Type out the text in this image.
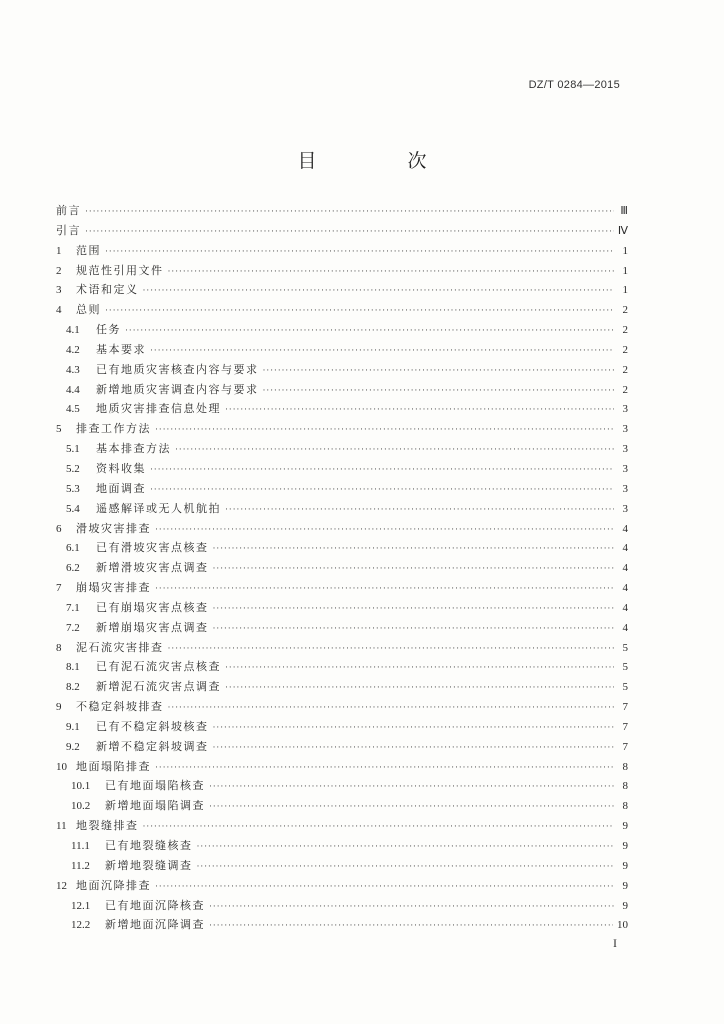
DZ/T 0284—2015
目　次
前言 ·····	Ⅲ
引言 ·····	Ⅳ
1	范围 ·····	1
2	规范性引用文件 ·····	1
3	术语和定义 ·····	1
4	总则 ·····	2
4.1	任务 ·····	2
4.2	基本要求 ·····	2
4.3	已有地质灾害核查内容与要求 ·····	2
4.4	新增地质灾害调查内容与要求 ·····	2
4.5	地质灾害排查信息处理 ·····	3
5	排查工作方法 ·····	3
5.1	基本排查方法 ·····	3
5.2	资料收集 ·····	3
5.3	地面调查 ·····	3
5.4	遥感解译或无人机航拍 ·····	3
6	滑坡灾害排查 ·····	4
6.1	已有滑坡灾害点核查 ·····	4
6.2	新增滑坡灾害点调查 ·····	4
7	崩塌灾害排查 ·····	4
7.1	已有崩塌灾害点核查 ·····	4
7.2	新增崩塌灾害点调查 ·····	4
8	泥石流灾害排查 ·····	5
8.1	已有泥石流灾害点核查 ·····	5
8.2	新增泥石流灾害点调查 ·····	5
9	不稳定斜坡排查 ·····	7
9.1	已有不稳定斜坡核查 ·····	7
9.2	新增不稳定斜坡调查 ·····	7
10 地面塌陷排查 ·····	8
10.1	已有地面塌陷核查 ·····	8
10.2	新增地面塌陷调查 ·····	8
11 地裂缝排查 ·····	9
11.1	已有地裂缝核查 ·····	9
11.2	新增地裂缝调查 ·····	9
12 地面沉降排查 ·····	9
12.1	已有地面沉降核查 ·····	9
12.2	新增地面沉降调查 ·····	10
I
